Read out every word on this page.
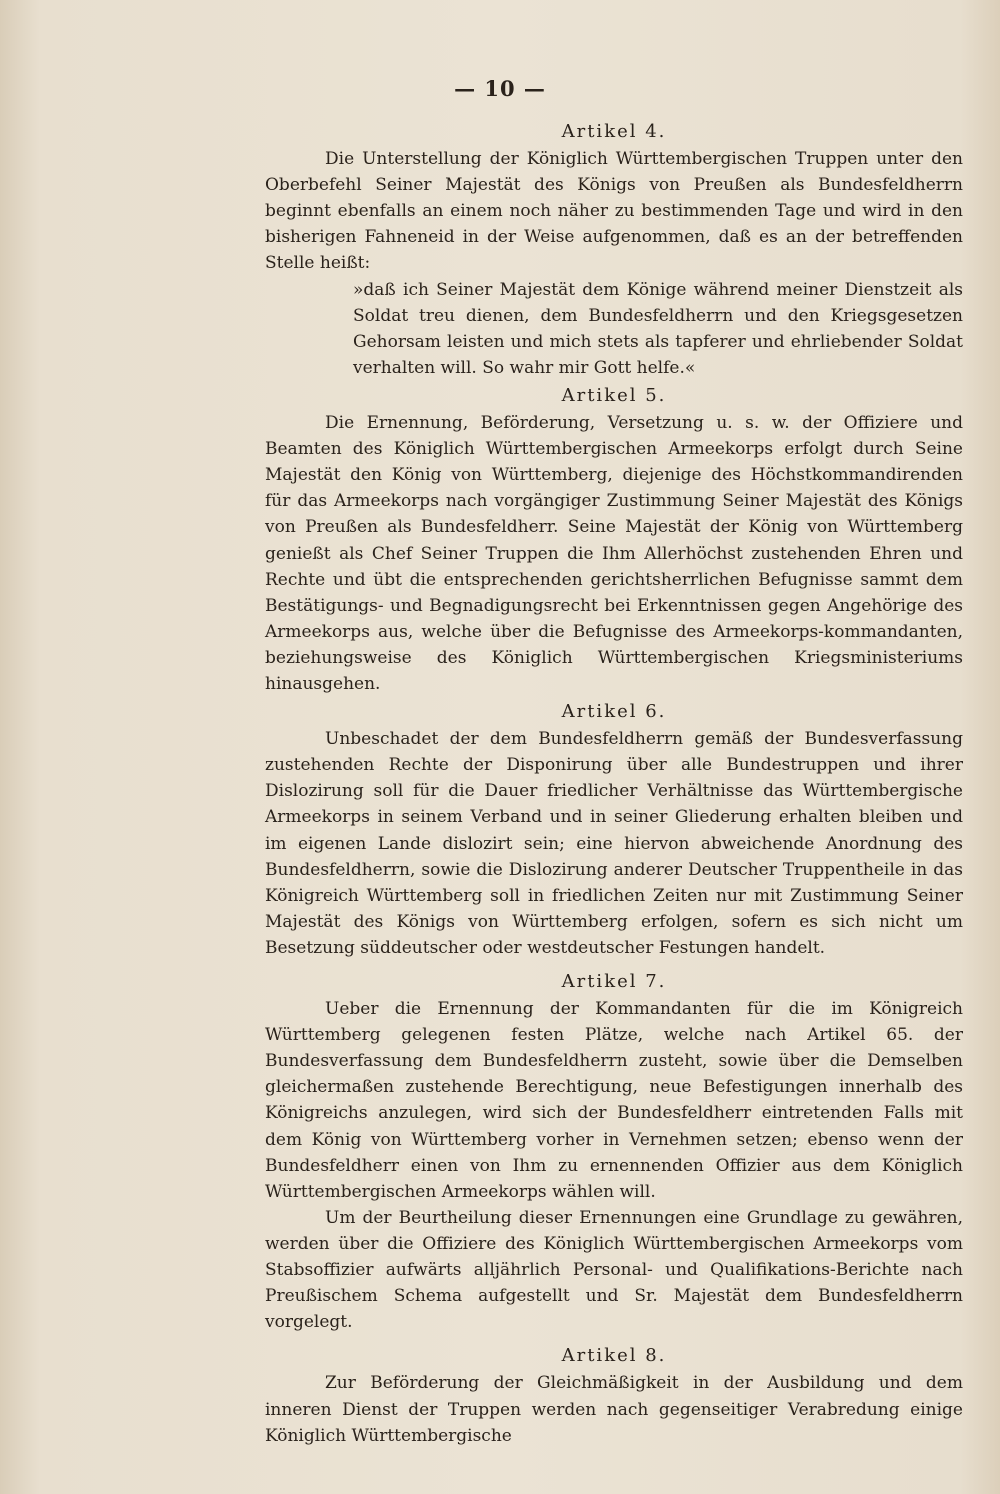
— 10 —
Artikel 4.

Die Unterstellung der Königlich Württembergischen Truppen unter den Oberbefehl Seiner Majestät des Königs von Preußen als Bundesfeldherrn beginnt ebenfalls an einem noch näher zu bestimmenden Tage und wird in den bisherigen Fahneneid in der Weise aufgenommen, daß es an der betreffenden Stelle heißt:

»daß ich Seiner Majestät dem Könige während meiner Dienstzeit als Soldat treu dienen, dem Bundesfeldherrn und den Kriegsgesetzen Gehorsam leisten und mich stets als tapferer und ehrliebender Soldat verhalten will. So wahr mir Gott helfe.«

Artikel 5.

Die Ernennung, Beförderung, Versetzung u. s. w. der Offiziere und Beamten des Königlich Württembergischen Armeekorps erfolgt durch Seine Majestät den König von Württemberg, diejenige des Höchstkommandirenden für das Armeekorps nach vorgängiger Zustimmung Seiner Majestät des Königs von Preußen als Bundesfeldherr. Seine Majestät der König von Württemberg genießt als Chef Seiner Truppen die Ihm Allerhöchst zustehenden Ehren und Rechte und übt die entsprechenden gerichtsherrlichen Befugnisse sammt dem Bestätigungs- und Begnadigungsrecht bei Erkenntnissen gegen Angehörige des Armeekorps aus, welche über die Befugnisse des Armeekorps-kommandanten, beziehungsweise des Königlich Württembergischen Kriegsministeriums hinausgehen.

Artikel 6.

Unbeschadet der dem Bundesfeldherrn gemäß der Bundesverfassung zustehenden Rechte der Disponirung über alle Bundestruppen und ihrer Dislozirung soll für die Dauer friedlicher Verhältnisse das Württembergische Armeekorps in seinem Verband und in seiner Gliederung erhalten bleiben und im eigenen Lande dislozirt sein; eine hiervon abweichende Anordnung des Bundesfeldherrn, sowie die Dislozirung anderer Deutscher Truppentheile in das Königreich Württemberg soll in friedlichen Zeiten nur mit Zustimmung Seiner Majestät des Königs von Württemberg erfolgen, sofern es sich nicht um Besetzung süddeutscher oder westdeutscher Festungen handelt.

Artikel 7.

Ueber die Ernennung der Kommandanten für die im Königreich Württemberg gelegenen festen Plätze, welche nach Artikel 65. der Bundesverfassung dem Bundesfeldherrn zusteht, sowie über die Demselben gleichermaßen zustehende Berechtigung, neue Befestigungen innerhalb des Königreichs anzulegen, wird sich der Bundesfeldherr eintretenden Falls mit dem König von Württemberg vorher in Vernehmen setzen; ebenso wenn der Bundesfeldherr einen von Ihm zu ernennenden Offizier aus dem Königlich Württembergischen Armeekorps wählen will.

Um der Beurtheilung dieser Ernennungen eine Grundlage zu gewähren, werden über die Offiziere des Königlich Württembergischen Armeekorps vom Stabsoffizier aufwärts alljährlich Personal- und Qualifikations-Berichte nach Preußischem Schema aufgestellt und Sr. Majestät dem Bundesfeldherrn vorgelegt.

Artikel 8.

Zur Beförderung der Gleichmäßigkeit in der Ausbildung und dem inneren Dienst der Truppen werden nach gegenseitiger Verabredung einige Königlich Württembergische
